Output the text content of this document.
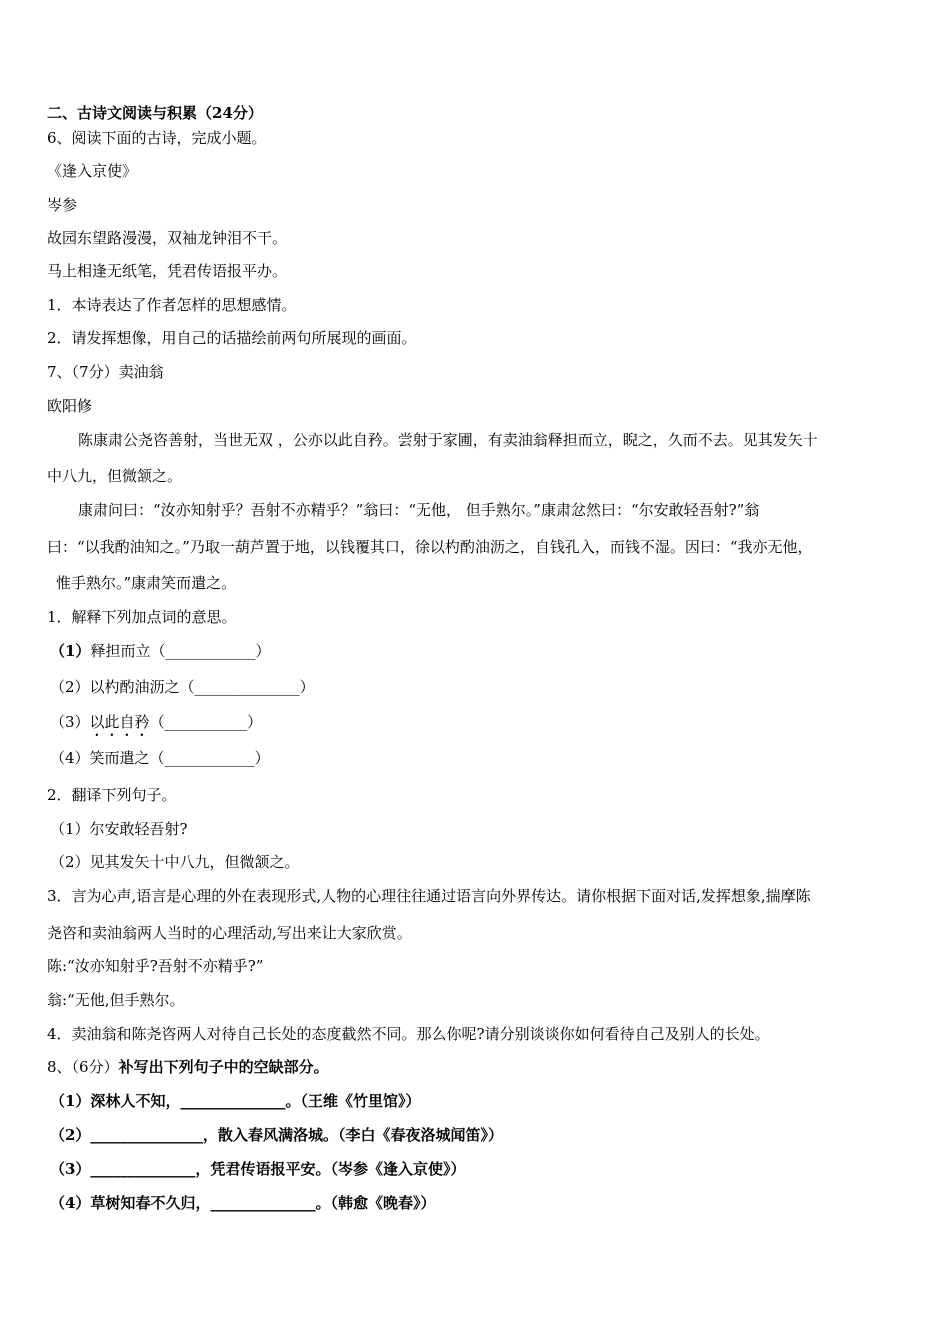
二、古诗文阅读与积累（24分）
6、阅读下面的古诗，完成小题。
《逢入京使》
岑参
故园东望路漫漫，双袖龙钟泪不干。
马上相逢无纸笔，凭君传语报平办。
1．本诗表达了作者怎样的思想感情。
2．请发挥想像，用自己的话描绘前两句所展现的画面。
7、（7分）卖油翁
欧阳修
陈康肃公尧咨善射，当世无双 ，公亦以此自矜。尝射于家圃，有卖油翁释担而立，睨之，久而不去。见其发矢十
中八九，但微颔之。
康肃问曰：“汝亦知射乎？吾射不亦精乎？”翁曰：“无他， 但手熟尔。”康肃忿然曰：“尔安敢轻吾射?”翁
曰：“以我酌油知之。”乃取一葫芦置于地，以钱覆其口，徐以杓酌油沥之，自钱孔入，而钱不湿。因曰：“我亦无他，
惟手熟尔。”康肃笑而遣之。
1．解释下列加点词的意思。
（1）释担而立（____________）
（2）以杓酌油沥之（______________）
（3）以此自矜（___________）
（4）笑而遣之（____________）
2．翻译下列句子。
（1）尔安敢轻吾射?
（2）见其发矢十中八九，但微颔之。
3．言为心声,语言是心理的外在表现形式,人物的心理往往通过语言向外界传达。请你根据下面对话,发挥想象,揣摩陈
尧咨和卖油翁两人当时的心理活动,写出来让大家欣赏。
陈:“汝亦知射乎?吾射不亦精乎?”
翁:“无他,但手熟尔。
4．卖油翁和陈尧咨两人对待自己长处的态度截然不同。那么你呢?请分别谈谈你如何看待自己及别人的长处。
8、（6分）补写出下列句子中的空缺部分。
（1）深林人不知，______________。（王维《竹里馆》）
（2）_______________，散入春风满洛城。（李白《春夜洛城闻笛》）
（3）______________，凭君传语报平安。（岑参《逢入京使》）
（4）草树知春不久归，______________。（韩愈《晚春》）
